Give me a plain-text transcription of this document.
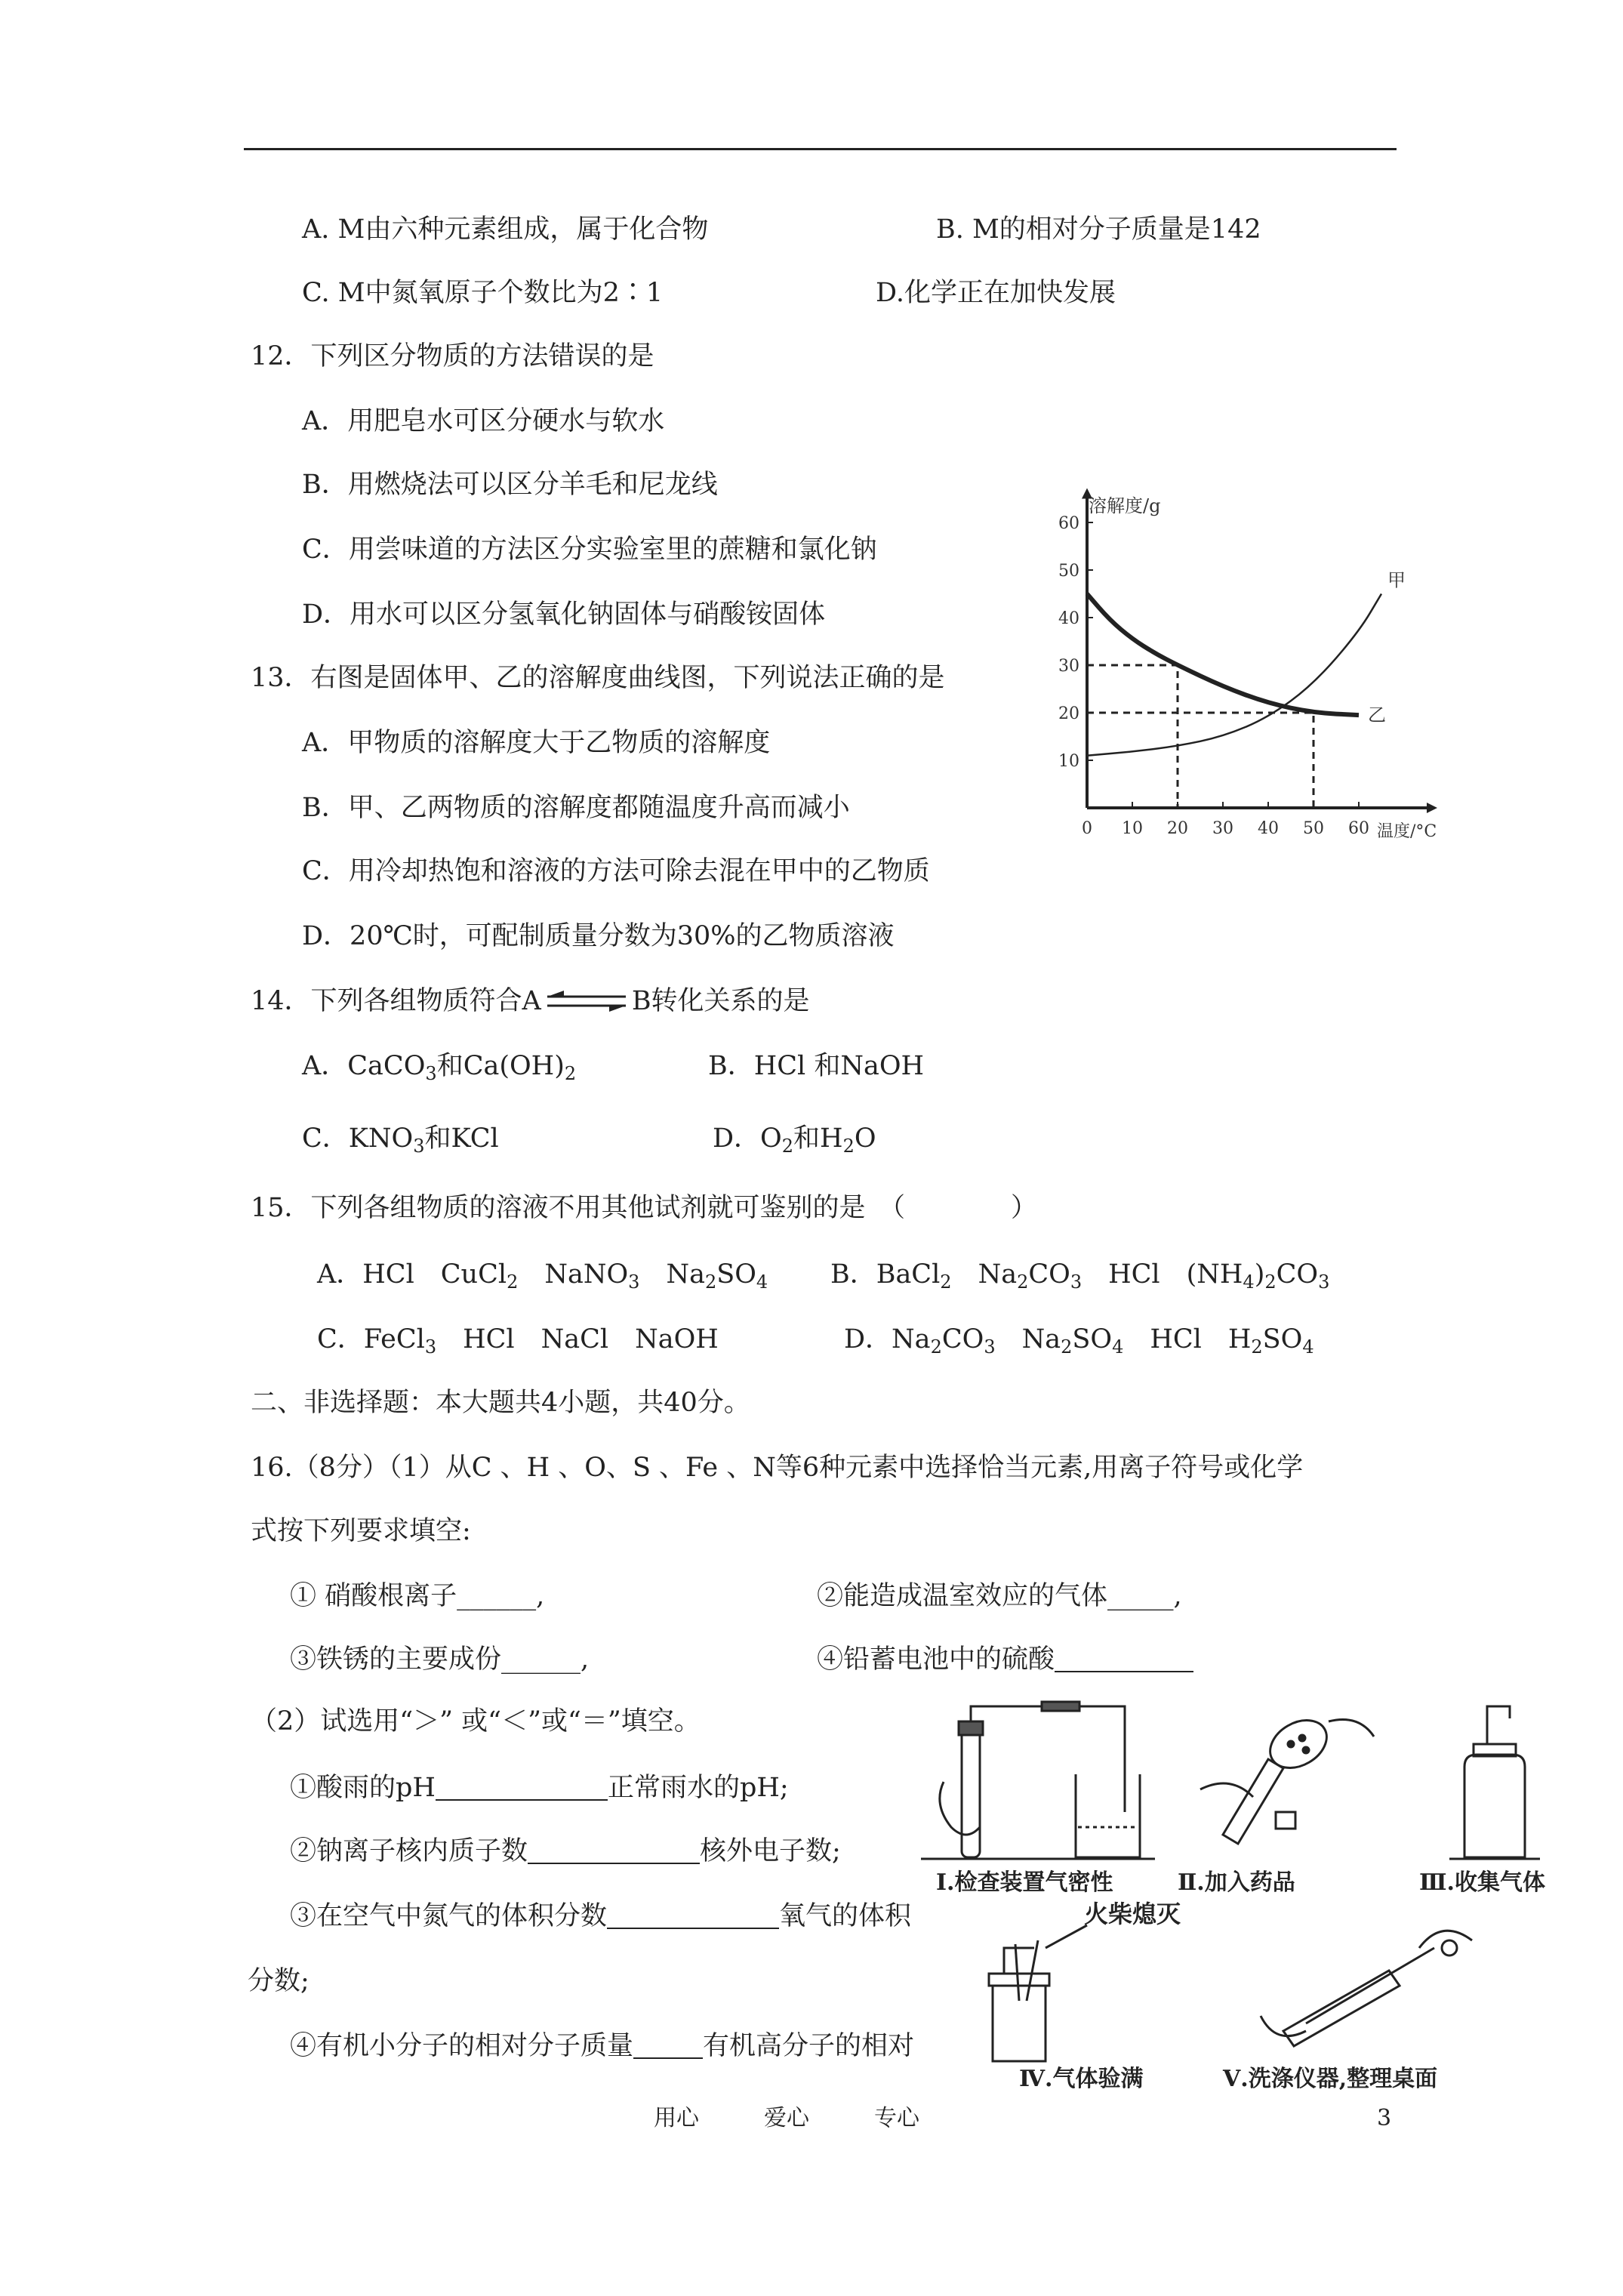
A. M由六种元素组成，属于化合物	B. M的相对分子质量是142
C. M中氮氧原子个数比为2∶1	D.化学正在加快发展
12．下列区分物质的方法错误的是
A．用肥皂水可区分硬水与软水
B．用燃烧法可以区分羊毛和尼龙线
C．用尝味道的方法区分实验室里的蔗糖和氯化钠
D．用水可以区分氢氧化钠固体与硝酸铵固体
13．右图是固体甲、乙的溶解度曲线图，下列说法正确的是
A．甲物质的溶解度大于乙物质的溶解度
B．甲、乙两物质的溶解度都随温度升高而减小
C．用冷却热饱和溶液的方法可除去混在甲中的乙物质
D．20℃时，可配制质量分数为30%的乙物质溶液
甲
乙
0 10 20 30 40 50 60
10
20
30
40
50
60
溶解度/g
温度/°C
14．下列各组物质符合A⇌B转化关系的是
A．CaCO$_3$和$Ca(OH)_2$	B．HCl 和NaOH
C．$KNO_3$和KCl	D．$O_2$和$H_2O$
15．下列各组物质的溶液不用其他试剂就可鉴别的是　（　　　　）
A．HCl　CuCl$_2$　NaNO$_3$　$Na_2SO_4$ B．BaCl$_2$　$Na_2CO_3$　HCl　$(NH_4)_2CO_3$
C．FeCl$_3$　HCl　NaCl　NaOH	D．$Na_2CO_3$　$Na_2SO_4$　HCl　$H_2SO_4$
二、非选择题：本大题共4小题，共40分。
16.（8分）（1）从C 、H 、O、S 、Fe 、N等6种元素中选择恰当元素,用离子符号或化学
式按下列要求填空:
① 硝酸根离子______,	②能造成温室效应的气体_____,
③铁锈的主要成份______,	④铅蓄电池中的硫酸
（2）试选用“＞” 或“＜”或“＝”填空。
①酸雨的pH	正常雨水的pH;
②钠离子核内质子数	核外电子数;
③在空气中氮气的体积分数	氧气的体积
分数;
④有机小分子的相对分子质量	有机高分子的相对
火柴熄灭
Ⅰ.检查装置气密性	Ⅱ.加入药品	Ⅲ.收集气体
Ⅳ.气体验满	Ⅴ.洗涤仪器,整理桌面
用心	爱心	专心	3
